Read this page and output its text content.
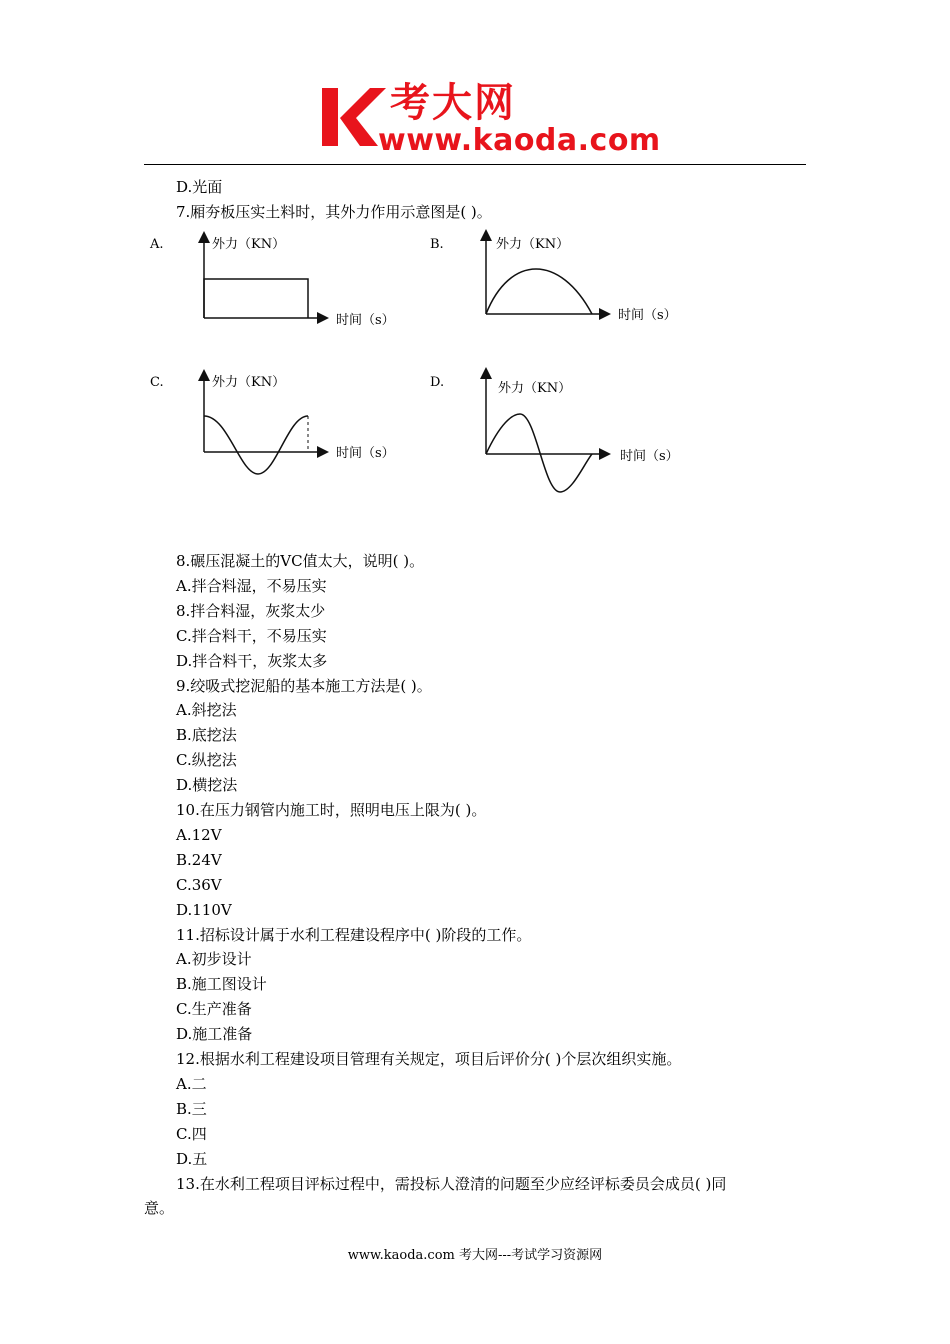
考大网
www.kaoda.com
D.光面
7.厢夯板压实土料时，其外力作用示意图是( )。
A.	外力（KN）
时间（s）
B.	外力（KN）
时间（s）
C.	外力（KN）
时间（s）
D.	外力（KN）
时间（s）
8.碾压混凝土的VC值太大，说明( )。
A.拌合料湿，不易压实
8.拌合料湿，灰浆太少
C.拌合料干，不易压实
D.拌合料干，灰浆太多
9.绞吸式挖泥船的基本施工方法是( )。
A.斜挖法
B.底挖法
C.纵挖法
D.横挖法
10.在压力钢管内施工时，照明电压上限为( )。
A.12V
B.24V
C.36V
D.110V
11.招标设计属于水利工程建设程序中( )阶段的工作。
A.初步设计
B.施工图设计
C.生产准备
D.施工准备
12.根据水利工程建设项目管理有关规定，项目后评价分( )个层次组织实施。
A.二
B.三
C.四
D.五
13.在水利工程项目评标过程中，需投标人澄清的问题至少应经评标委员会成员( )同
意。
www.kaoda.com 考大网---考试学习资源网
